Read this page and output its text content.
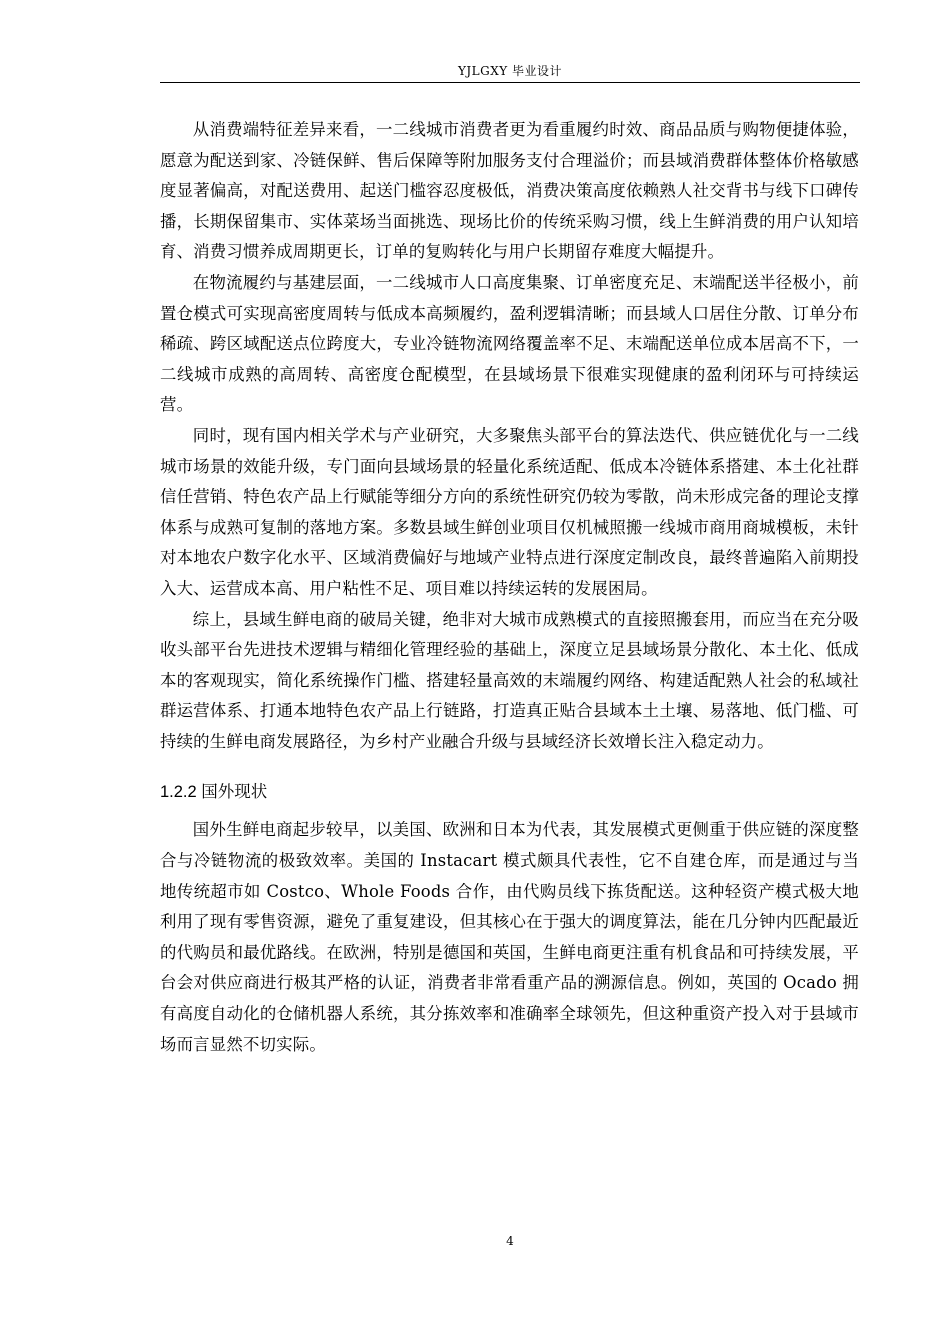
YJLGXY 毕业设计

从消费端特征差异来看，一二线城市消费者更为看重履约时效、商品品质与购物便捷体验，愿意为配送到家、冷链保鲜、售后保障等附加服务支付合理溢价；而县域消费群体整体价格敏感度显著偏高，对配送费用、起送门槛容忍度极低，消费决策高度依赖熟人社交背书与线下口碑传播，长期保留集市、实体菜场当面挑选、现场比价的传统采购习惯，线上生鲜消费的用户认知培育、消费习惯养成周期更长，订单的复购转化与用户长期留存难度大幅提升。

在物流履约与基建层面，一二线城市人口高度集聚、订单密度充足、末端配送半径极小，前置仓模式可实现高密度周转与低成本高频履约，盈利逻辑清晰；而县域人口居住分散、订单分布稀疏、跨区域配送点位跨度大，专业冷链物流网络覆盖率不足、末端配送单位成本居高不下，一二线城市成熟的高周转、高密度仓配模型，在县域场景下很难实现健康的盈利闭环与可持续运营。

同时，现有国内相关学术与产业研究，大多聚焦头部平台的算法迭代、供应链优化与一二线城市场景的效能升级，专门面向县域场景的轻量化系统适配、低成本冷链体系搭建、本土化社群信任营销、特色农产品上行赋能等细分方向的系统性研究仍较为零散，尚未形成完备的理论支撑体系与成熟可复制的落地方案。多数县域生鲜创业项目仅机械照搬一线城市商用商城模板，未针对本地农户数字化水平、区域消费偏好与地域产业特点进行深度定制改良，最终普遍陷入前期投入大、运营成本高、用户粘性不足、项目难以持续运转的发展困局。

综上，县域生鲜电商的破局关键，绝非对大城市成熟模式的直接照搬套用，而应当在充分吸收头部平台先进技术逻辑与精细化管理经验的基础上，深度立足县域场景分散化、本土化、低成本的客观现实，简化系统操作门槛、搭建轻量高效的末端履约网络、构建适配熟人社会的私域社群运营体系、打通本地特色农产品上行链路，打造真正贴合县域本土土壤、易落地、低门槛、可持续的生鲜电商发展路径，为乡村产业融合升级与县域经济长效增长注入稳定动力。

1.2.2 国外现状

国外生鲜电商起步较早，以美国、欧洲和日本为代表，其发展模式更侧重于供应链的深度整合与冷链物流的极致效率。美国的 Instacart 模式颇具代表性，它不自建仓库，而是通过与当地传统超市如 Costco、Whole Foods 合作，由代购员线下拣货配送。这种轻资产模式极大地利用了现有零售资源，避免了重复建设，但其核心在于强大的调度算法，能在几分钟内匹配最近的代购员和最优路线。在欧洲，特别是德国和英国，生鲜电商更注重有机食品和可持续发展，平台会对供应商进行极其严格的认证，消费者非常看重产品的溯源信息。例如，英国的 Ocado 拥有高度自动化的仓储机器人系统，其分拣效率和准确率全球领先，但这种重资产投入对于县域市场而言显然不切实际。

4
